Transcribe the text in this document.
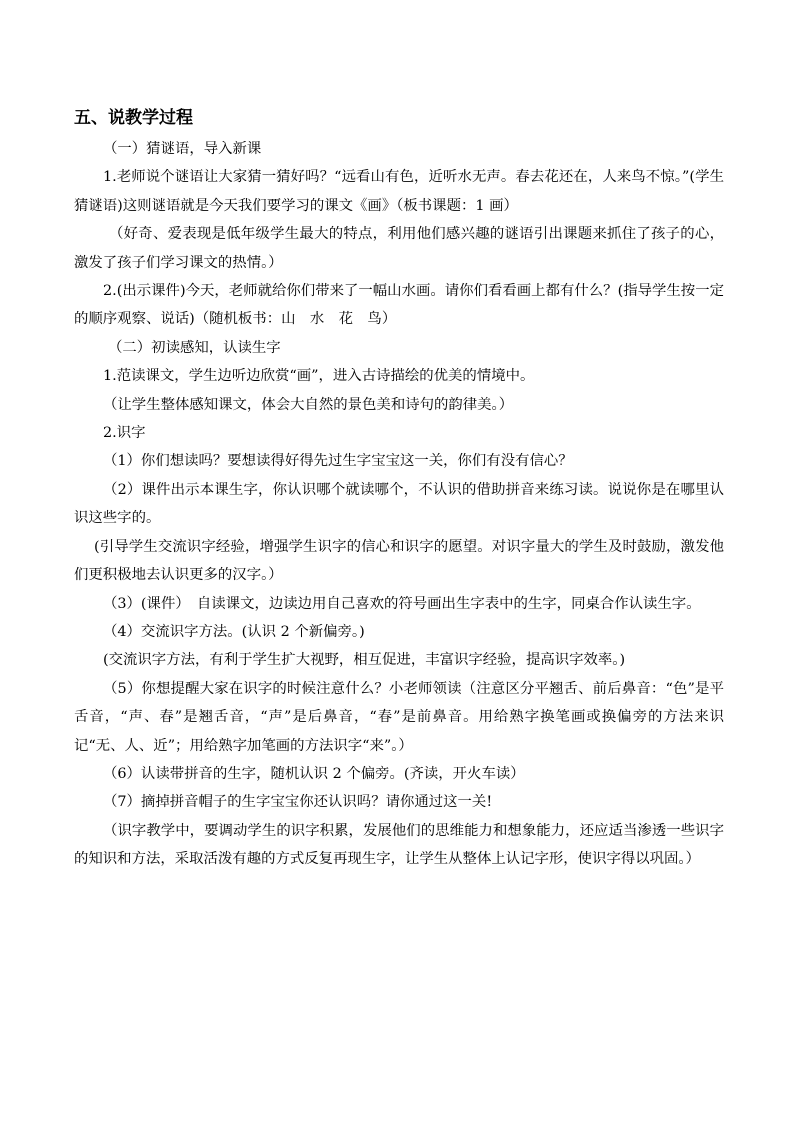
五、说教学过程

（一）猜谜语，导入新课

1.老师说个谜语让大家猜一猜好吗？“远看山有色，近听水无声。春去花还在，人来鸟不惊。”(学生猜谜语)这则谜语就是今天我们要学习的课文《画》（板书课题：1 画）

（好奇、爱表现是低年级学生最大的特点，利用他们感兴趣的谜语引出课题来抓住了孩子的心，激发了孩子们学习课文的热情。）

2.(出示课件)今天，老师就给你们带来了一幅山水画。请你们看看画上都有什么？(指导学生按一定的顺序观察、说话)（随机板书：山　水　花　鸟）

（二）初读感知，认读生字

1.范读课文，学生边听边欣赏“画”，进入古诗描绘的优美的情境中。

（让学生整体感知课文，体会大自然的景色美和诗句的韵律美。）

2.识字

（1）你们想读吗？要想读得好得先过生字宝宝这一关，你们有没有信心？

（2）课件出示本课生字，你认识哪个就读哪个，不认识的借助拼音来练习读。说说你是在哪里认识这些字的。

(引导学生交流识字经验，增强学生识字的信心和识字的愿望。对识字量大的学生及时鼓励，激发他们更积极地去认识更多的汉字。）

（3）(课件）　自读课文，边读边用自己喜欢的符号画出生字表中的生字，同桌合作认读生字。

（4）交流识字方法。(认识 2 个新偏旁。)

(交流识字方法，有利于学生扩大视野，相互促进，丰富识字经验，提高识字效率。)

（5）你想提醒大家在识字的时候注意什么？小老师领读（注意区分平翘舌、前后鼻音：“色”是平舌音，“声、春”是翘舌音，“声”是后鼻音，“春”是前鼻音。用给熟字换笔画或换偏旁的方法来识记“无、人、近”；用给熟字加笔画的方法识字“来”。）

（6）认读带拼音的生字，随机认识 2 个偏旁。(齐读，开火车读）

（7）摘掉拼音帽子的生字宝宝你还认识吗？请你通过这一关!

（识字教学中，要调动学生的识字积累，发展他们的思维能力和想象能力，还应适当渗透一些识字的知识和方法，采取活泼有趣的方式反复再现生字，让学生从整体上认记字形，使识字得以巩固。）
